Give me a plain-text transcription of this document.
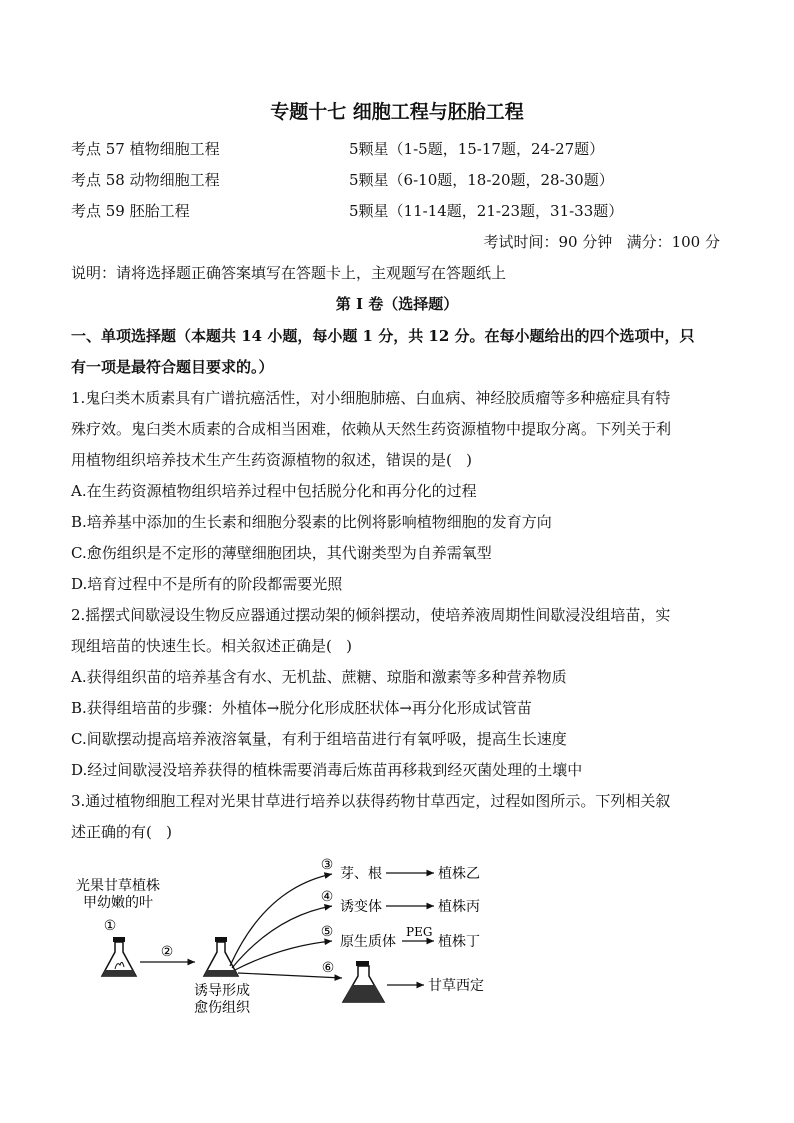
专题十七 细胞工程与胚胎工程
考点 57 植物细胞工程	5颗星（1-5题，15-17题，24-27题）
考点 58 动物细胞工程	5颗星（6-10题，18-20题，28-30题）
考点 59 胚胎工程	5颗星（11-14题，21-23题，31-33题）
考试时间：90 分钟   满分：100 分
说明：请将选择题正确答案填写在答题卡上，主观题写在答题纸上
第 I 卷（选择题）
一、单项选择题（本题共 14 小题，每小题 1 分，共 12 分。在每小题给出的四个选项中，只
有一项是最符合题目要求的。）
1.鬼臼类木质素具有广谱抗癌活性，对小细胞肺癌、白血病、神经胶质瘤等多种癌症具有特
殊疗效。鬼臼类木质素的合成相当困难，依赖从天然生药资源植物中提取分离。下列关于利
用植物组织培养技术生产生药资源植物的叙述，错误的是(   )
A.在生药资源植物组织培养过程中包括脱分化和再分化的过程
B.培养基中添加的生长素和细胞分裂素的比例将影响植物细胞的发育方向
C.愈伤组织是不定形的薄壁细胞团块，其代谢类型为自养需氧型
D.培育过程中不是所有的阶段都需要光照
2.摇摆式间歇浸设生物反应器通过摆动架的倾斜摆动，使培养液周期性间歇浸没组培苗，实
现组培苗的快速生长。相关叙述正确是(   )
A.获得组织苗的培养基含有水、无机盐、蔗糖、琼脂和激素等多种营养物质
B.获得组培苗的步骤：外植体→脱分化形成胚状体→再分化形成试管苗
C.间歇摆动提高培养液溶氧量，有利于组培苗进行有氧呼吸，提高生长速度
D.经过间歇浸没培养获得的植株需要消毒后炼苗再移栽到经灭菌处理的土壤中
3.通过植物细胞工程对光果甘草进行培养以获得药物甘草西定，过程如图所示。下列相关叙
述正确的有(   )
光果甘草植株
甲幼嫩的叶
①
②
诱导形成
愈伤组织
③
④
⑤
⑥
芽、根	植株乙
诱变体	植株丙
原生质体
PEG
植株丁
甘草西定
